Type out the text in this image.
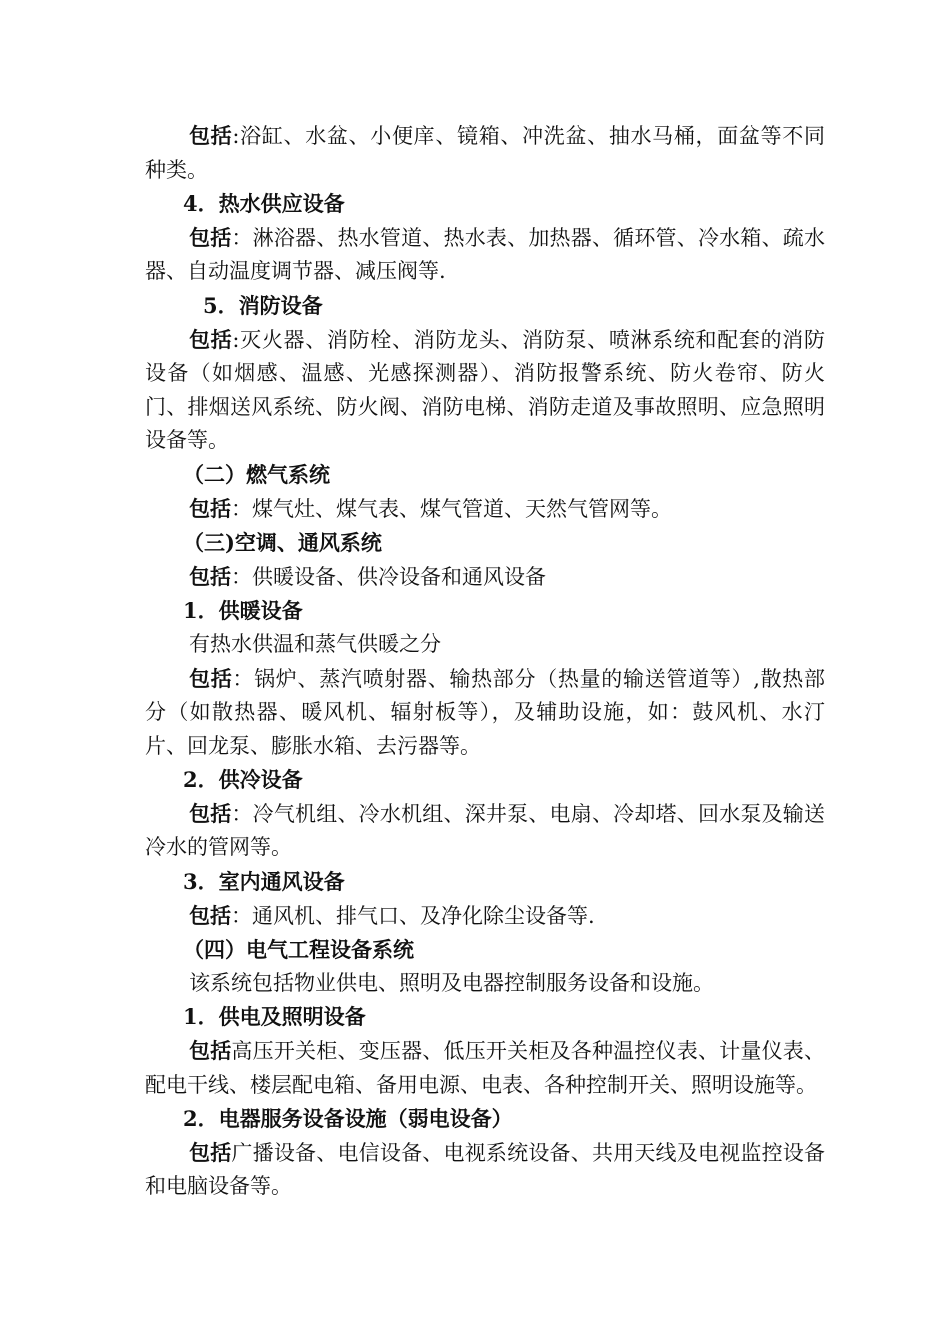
包括:浴缸、水盆、小便庠、镜箱、冲洗盆、抽水马桶，面盆等不同种类。

4．热水供应设备

包括：淋浴器、热水管道、热水表、加热器、循环管、冷水箱、疏水器、自动温度调节器、减压阀等.

5．消防设备

包括:灭火器、消防栓、消防龙头、消防泵、喷淋系统和配套的消防设备（如烟感、温感、光感探测器）、消防报警系统、防火卷帘、防火门、排烟送风系统、防火阀、消防电梯、消防走道及事故照明、应急照明设备等。

（二）燃气系统

包括：煤气灶、煤气表、煤气管道、天然气管网等。

（三)空调、通风系统

包括：供暖设备、供冷设备和通风设备

1．供暖设备

有热水供温和蒸气供暖之分

包括：锅炉、蒸汽喷射器、输热部分（热量的输送管道等）,散热部分（如散热器、暖风机、辐射板等），及辅助设施，如：鼓风机、水汀片、回龙泵、膨胀水箱、去污器等。

2．供冷设备

包括：冷气机组、冷水机组、深井泵、电扇、冷却塔、回水泵及输送冷水的管网等。

3．室内通风设备

包括：通风机、排气口、及净化除尘设备等.

（四）电气工程设备系统

该系统包括物业供电、照明及电器控制服务设备和设施。

1．供电及照明设备

包括高压开关柜、变压器、低压开关柜及各种温控仪表、计量仪表、配电干线、楼层配电箱、备用电源、电表、各种控制开关、照明设施等。

2．电器服务设备设施（弱电设备）

包括广播设备、电信设备、电视系统设备、共用天线及电视监控设备和电脑设备等。
